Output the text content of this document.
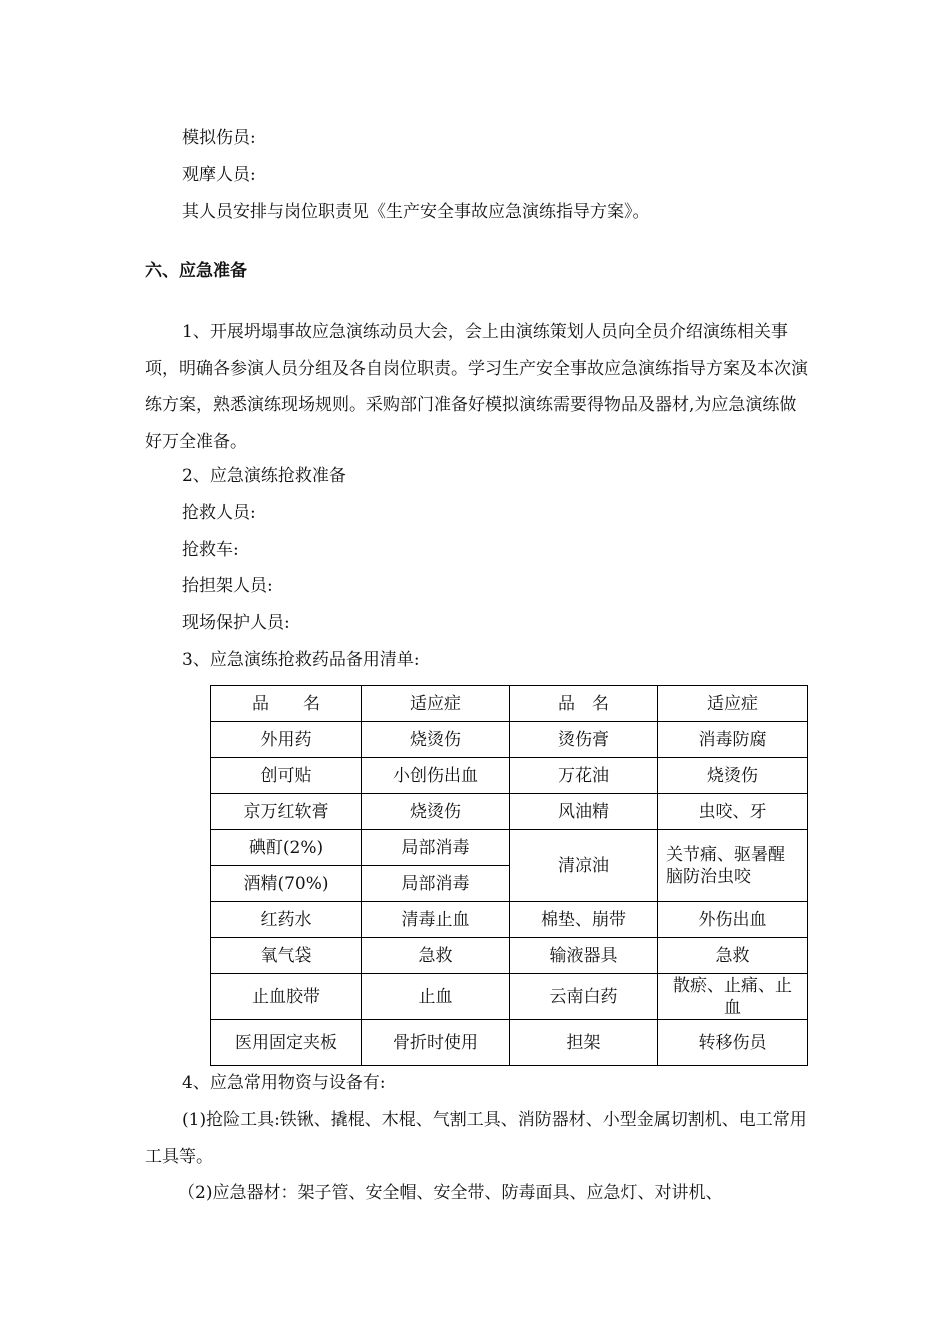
模拟伤员:
观摩人员:
其人员安排与岗位职责见《生产安全事故应急演练指导方案》。
六、应急准备
1、开展坍塌事故应急演练动员大会，会上由演练策划人员向全员介绍演练相关事项，明确各参演人员分组及各自岗位职责。学习生产安全事故应急演练指导方案及本次演练方案，熟悉演练现场规则。采购部门准备好模拟演练需要得物品及器材,为应急演练做好万全准备。
2、应急演练抢救准备
抢救人员:
抢救车:
抬担架人员:
现场保护人员:
3、应急演练抢救药品备用清单:
品　　名	适应症	品　名	适应症
外用药	烧烫伤	烫伤膏	消毒防腐
创可贴	小创伤出血	万花油	烧烫伤
京万红软膏	烧烫伤	风油精	虫咬、牙
碘酊(2%)	局部消毒	清凉油	关节痛、驱暑醒脑防治虫咬
酒精(70%)	局部消毒		
红药水	清毒止血	棉垫、崩带	外伤出血
氧气袋	急救	输液器具	急救
止血胶带	止血	云南白药	散瘀、止痛、止血
医用固定夹板	骨折时使用	担架	转移伤员
4、应急常用物资与设备有:
(1)抢险工具:铁锹、撬棍、木棍、气割工具、消防器材、小型金属切割机、电工常用工具等。
（2)应急器材：架子管、安全帽、安全带、防毒面具、应急灯、对讲机、
